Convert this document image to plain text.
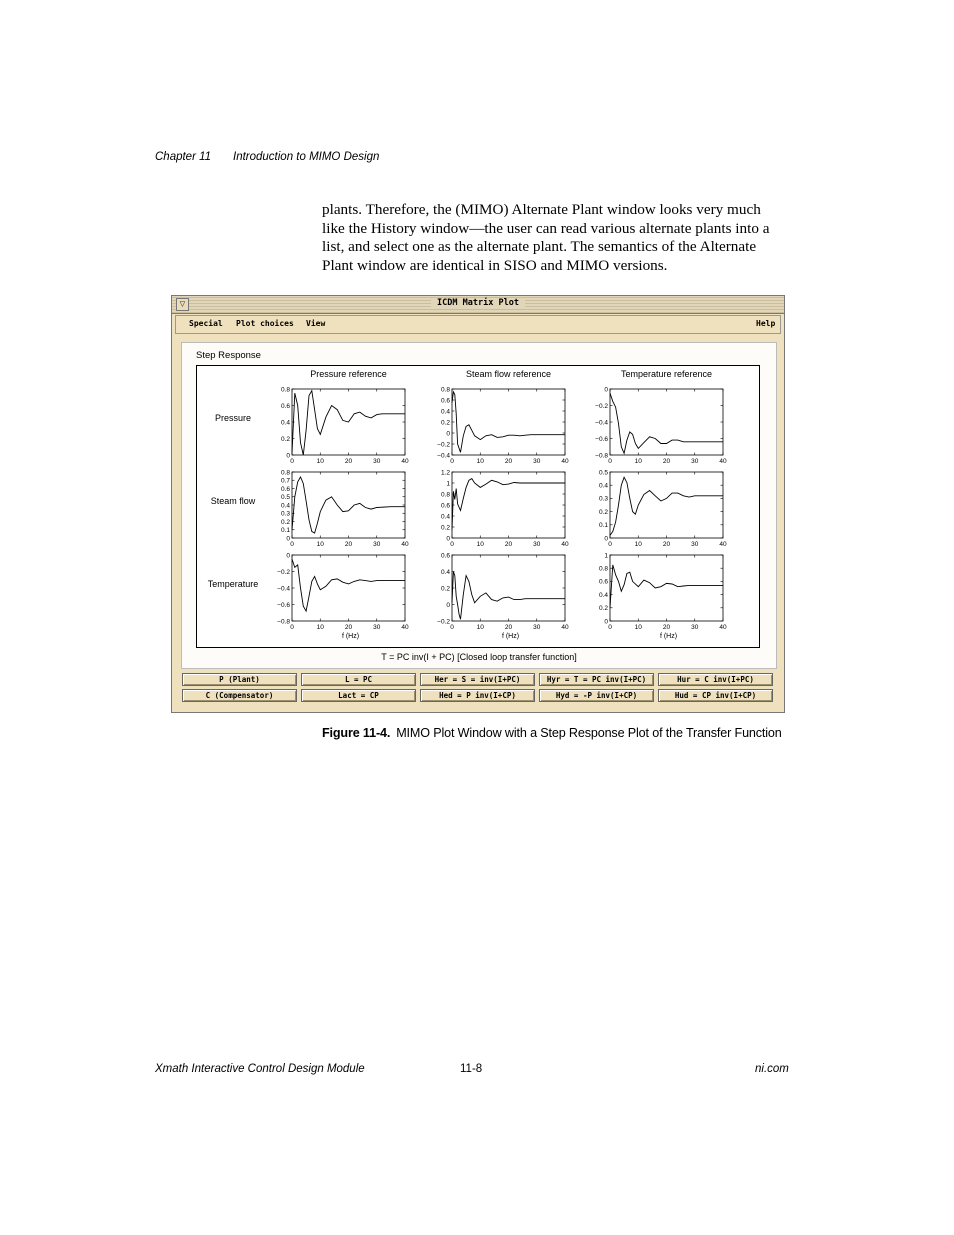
Chapter 11 Introduction to MIMO Design
plants. Therefore, the (MIMO) Alternate Plant window looks very much
like the History window—the user can read various alternate plants into a
list, and select one as the alternate plant. The semantics of the Alternate
Plant window are identical in SISO and MIMO versions.
▽	ICDM Matrix Plot
Special Plot choices View	Help
Step Response
Pressure reference	Steam flow reference	Temperature reference
Pressure
Steam flow
Temperature
0	10	20	30	40
0.8
0.6
0.4
0.2
0
0	10	20	30	40
0.8
0.6
0.4
0.2
0
−0.2
−0.4
0	10	20	30	40
0
−0.2
−0.4
−0.6
−0.8
0	10	20	30	40
0.8
0.7
0.6
0.5
0.4
0.3
0.2
0.1
0
0	10	20	30	40
1.2
1
0.8
0.6
0.4
0.2
0
0	10	20	30	40
0.5
0.4
0.3
0.2
0.1
0
0	10	20	30	40
0
−0.2
−0.4
−0.6
−0.8
f (Hz)
0	10	20	30	40
0.6
0.4
0.2
0
−0.2
f (Hz)
0	10	20	30	40
1
0.8
0.6
0.4
0.2
0
f (Hz)
T = PC inv(I + PC) [Closed loop transfer function]
P (Plant)	L = PC	Her = S = inv(I+PC)	Hyr = T = PC inv(I+PC)	Hur = C inv(I+PC)
C (Compensator)	Lact = CP	Hed = P inv(I+CP)	Hyd = -P inv(I+CP)	Hud = CP inv(I+CP)
Figure 11-4. MIMO Plot Window with a Step Response Plot of the Transfer Function
Xmath Interactive Control Design Module	11-8	ni.com
